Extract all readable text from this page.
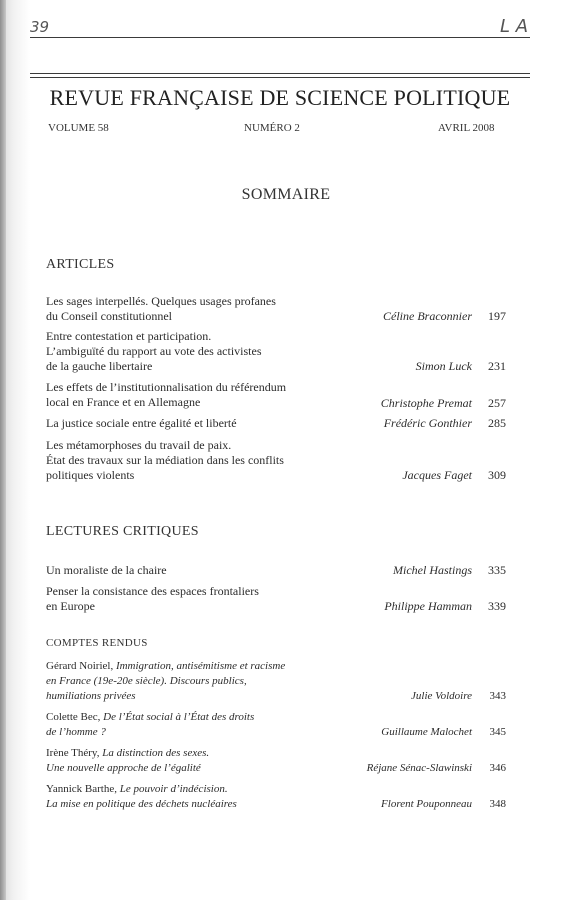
39	L A
REVUE FRANÇAISE DE SCIENCE POLITIQUE
VOLUME 58	NUMÉRO 2	AVRIL 2008
SOMMAIRE
ARTICLES
Les sages interpellés. Quelques usages profanes
du Conseil constitutionnel	Céline Braconnier	197
Entre contestation et participation.
L’ambiguïté du rapport au vote des activistes
de la gauche libertaire	Simon Luck	231
Les effets de l’institutionnalisation du référendum
local en France et en Allemagne	Christophe Premat	257
La justice sociale entre égalité et liberté	Frédéric Gonthier	285
Les métamorphoses du travail de paix.
État des travaux sur la médiation dans les conflits
politiques violents	Jacques Faget	309
LECTURES CRITIQUES
Un moraliste de la chaire	Michel Hastings	335
Penser la consistance des espaces frontaliers
en Europe	Philippe Hamman	339
COMPTES RENDUS
Gérard Noiriel, Immigration, antisémitisme et racisme
en France (19e-20e siècle). Discours publics,
humiliations privées	Julie Voldoire	343
Colette Bec, De l’État social à l’État des droits
de l’homme ?	Guillaume Malochet	345
Irène Théry, La distinction des sexes.
Une nouvelle approche de l’égalité	Réjane Sénac-Slawinski	346
Yannick Barthe, Le pouvoir d’indécision.
La mise en politique des déchets nucléaires	Florent Pouponneau	348
